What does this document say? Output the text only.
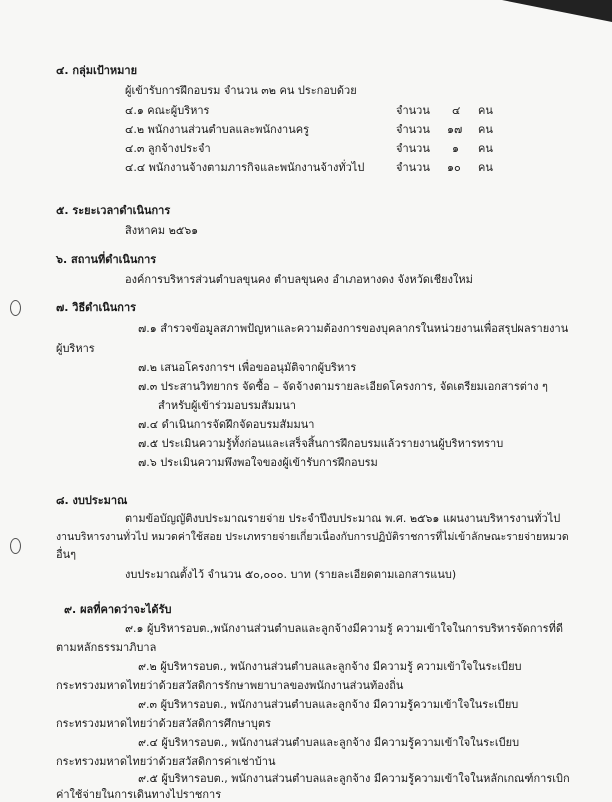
๔. กลุ่มเป้าหมาย
ผู้เข้ารับการฝึกอบรม จำนวน ๓๒ คน ประกอบด้วย
๔.๑ คณะผู้บริหาร	จำนวน ๔ คน
๔.๒ พนักงานส่วนตำบลและพนักงานครู	จำนวน ๑๗ คน
๔.๓ ลูกจ้างประจำ	จำนวน ๑ คน
๔.๔ พนักงานจ้างตามภารกิจและพนักงานจ้างทั่วไป	จำนวน ๑๐ คน
๕. ระยะเวลาดำเนินการ
สิงหาคม ๒๕๖๑
๖. สถานที่ดำเนินการ
องค์การบริหารส่วนตำบลขุนคง ตำบลขุนคง อำเภอหางดง จังหวัดเชียงใหม่
๗. วิธีดำเนินการ
๗.๑ สำรวจข้อมูลสภาพปัญหาและความต้องการของบุคลากรในหน่วยงานเพื่อสรุปผลรายงาน
ผู้บริหาร
๗.๒ เสนอโครงการฯ เพื่อขออนุมัติจากผู้บริหาร
๗.๓ ประสานวิทยากร จัดซื้อ – จัดจ้างตามรายละเอียดโครงการ, จัดเตรียมเอกสารต่าง ๆ
สำหรับผู้เข้าร่วมอบรมสัมมนา
๗.๔ ดำเนินการจัดฝึกจัดอบรมสัมมนา
๗.๕ ประเมินความรู้ทั้งก่อนและเสร็จสิ้นการฝึกอบรมแล้วรายงานผู้บริหารทราบ
๗.๖ ประเมินความพึงพอใจของผู้เข้ารับการฝึกอบรม
๘. งบประมาณ
ตามข้อบัญญัติงบประมาณรายจ่าย ประจำปีงบประมาณ พ.ศ. ๒๕๖๑ แผนงานบริหารงานทั่วไป
งานบริหารงานทั่วไป หมวดค่าใช้สอย ประเภทรายจ่ายเกี่ยวเนื่องกับการปฏิบัติราชการที่ไม่เข้าลักษณะรายจ่ายหมวด
อื่นๆ
งบประมาณตั้งไว้ จำนวน ๕๐,๐๐๐. บาท (รายละเอียดตามเอกสารแนบ)
๙. ผลที่คาดว่าจะได้รับ
๙.๑ ผู้บริหารอบต.,พนักงานส่วนตำบลและลูกจ้างมีความรู้ ความเข้าใจในการบริหารจัดการที่ดี
ตามหลักธรรมาภิบาล
๙.๒ ผู้บริหารอบต., พนักงานส่วนตำบลและลูกจ้าง มีความรู้ ความเข้าใจในระเบียบ
กระทรวงมหาดไทยว่าด้วยสวัสดิการรักษาพยาบาลของพนักงานส่วนท้องถิ่น
๙.๓ ผู้บริหารอบต., พนักงานส่วนตำบลและลูกจ้าง มีความรู้ความเข้าใจในระเบียบ
กระทรวงมหาดไทยว่าด้วยสวัสดิการศึกษาบุตร
๙.๔ ผู้บริหารอบต., พนักงานส่วนตำบลและลูกจ้าง มีความรู้ความเข้าใจในระเบียบ
กระทรวงมหาดไทยว่าด้วยสวัสดิการค่าเช่าบ้าน
๙.๕ ผู้บริหารอบต., พนักงานส่วนตำบลและลูกจ้าง มีความรู้ความเข้าใจในหลักเกณฑ์การเบิก
ค่าใช้จ่ายในการเดินทางไปราชการ
